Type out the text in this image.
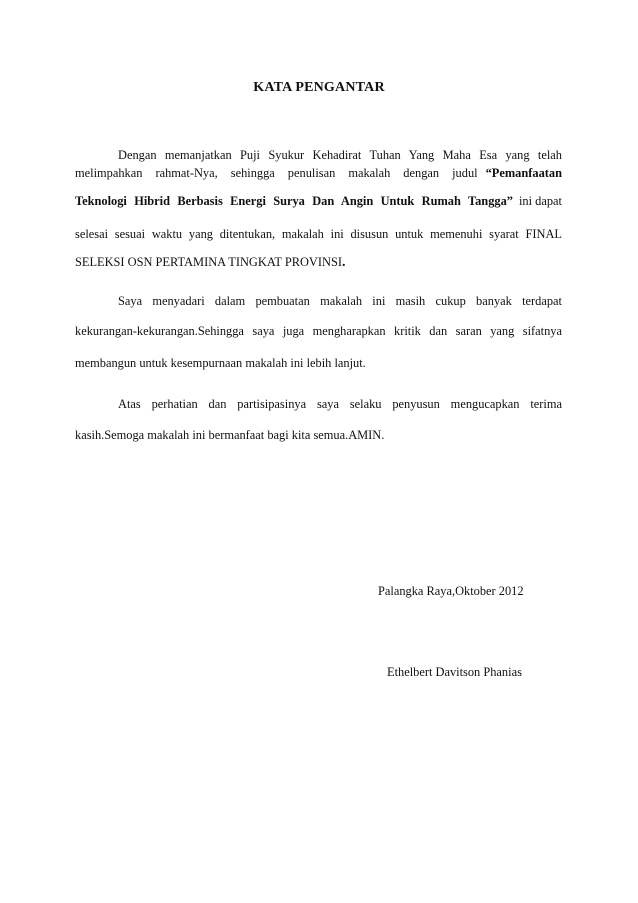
KATA PENGANTAR
Dengan memanjatkan Puji Syukur Kehadirat Tuhan Yang Maha Esa yang telah
melimpahkan rahmat-Nya, sehingga penulisan makalah dengan judul “Pemanfaatan
Teknologi Hibrid Berbasis Energi Surya Dan Angin Untuk Rumah Tangga” ini dapat
selesai sesuai waktu yang ditentukan, makalah ini disusun untuk memenuhi syarat FINAL
SELEKSI OSN PERTAMINA TINGKAT PROVINSI.
Saya menyadari dalam pembuatan makalah ini masih cukup banyak terdapat
kekurangan-kekurangan.Sehingga saya juga mengharapkan kritik dan saran yang sifatnya
membangun untuk kesempurnaan makalah ini lebih lanjut.
Atas perhatian dan partisipasinya saya selaku penyusun mengucapkan terima
kasih.Semoga makalah ini bermanfaat bagi kita semua.AMIN.
Palangka Raya,Oktober 2012
Ethelbert Davitson Phanias
